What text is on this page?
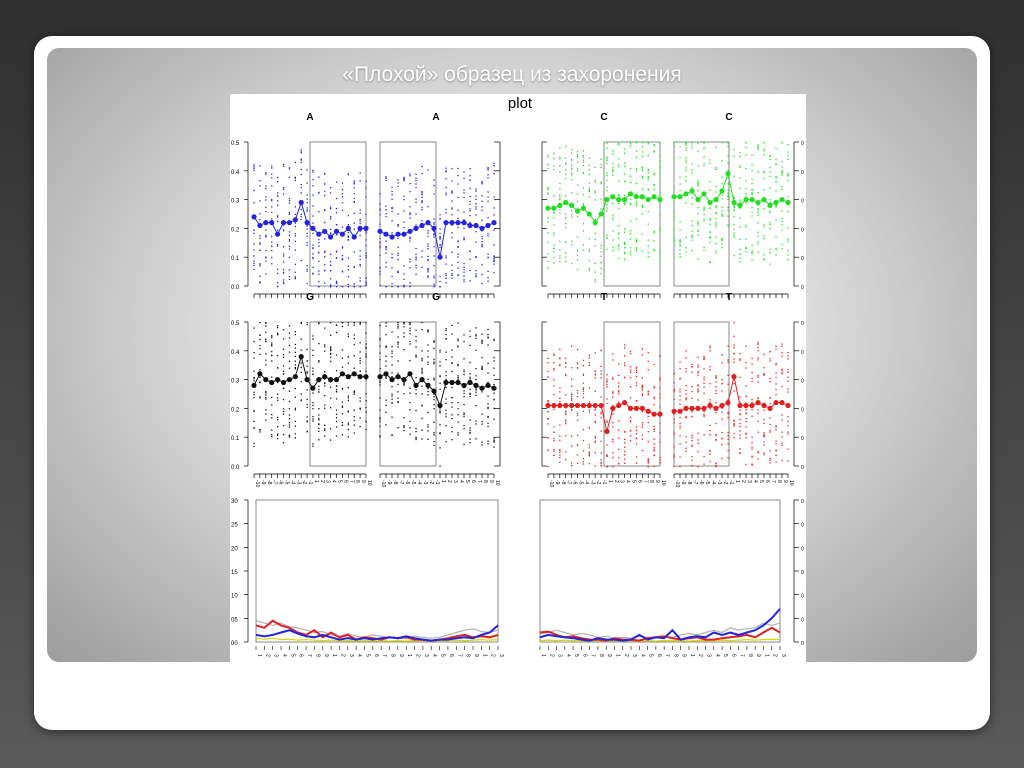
«Плохой» образец из захоронения
plot
A	A	C	C
G	G	T	T
0.5
0.4
0.3
0.2
0.1
0.0
0
0
0
0
0
0
0.5
0.4
0.3
0.2
0.1
0.0
0
0
0
0
0
0
-10 -9 -8 -7 -6 -5 -4 -3 -2 -1 1 2 3 4 5 6 7 8 9 10 -10 -9 -8 -7 -6 -5 -4 -3 -2 -1 1 2 3 4 5 6 7 8 9 10	-10 -9 -8 -7 -6 -5 -4 -3 -2 -1 1 2 3 4 5 6 7 8 9 10 -10 -9 -8 -7 -6 -5 -4 -3 -2 -1 1 2 3 4 5 6 7 8 9 10
1 2 3 4 5 6 7 8 9 1 2 3 4 5 6 7 8 9 1 2 3 4 5 6 7 8 9 1 2 3	1 2 3 4 5 6 7 8 9 1 2 3 4 5 6 7 8 9 1 2 3 4 5 6 7 8 9 1 2 3
30
25
20
15
10
05
00
0
0
0
0
0
0
0
